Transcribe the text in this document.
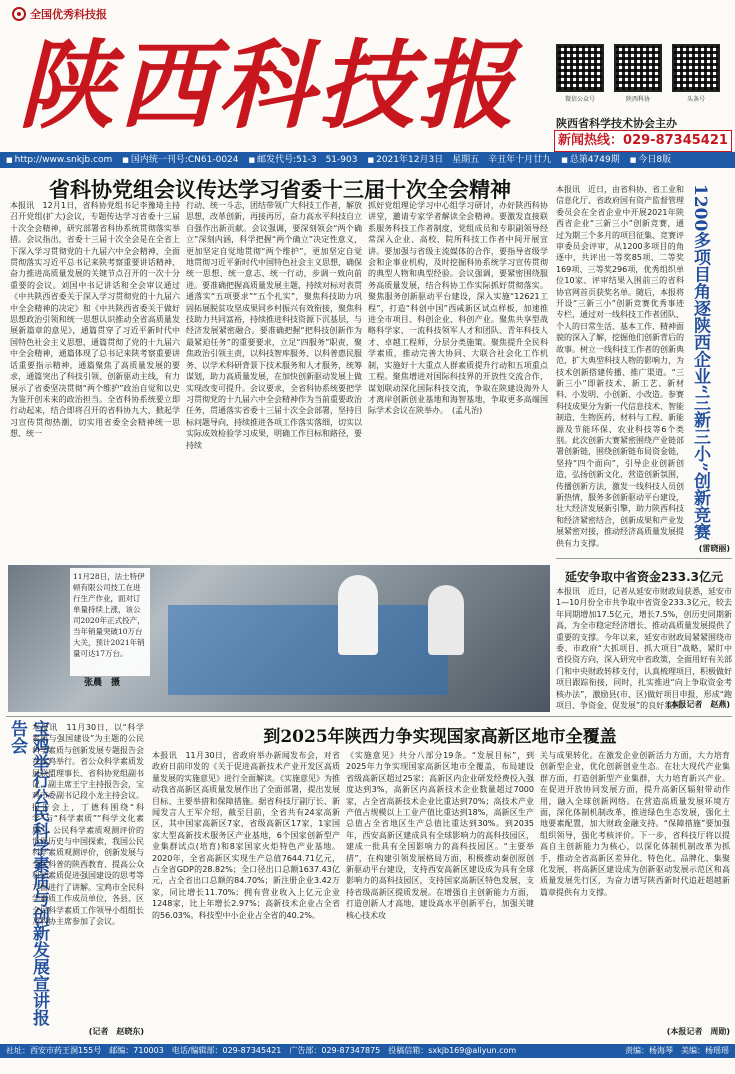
全国优秀科技报
陕西科技报	微信公众号	陕西科协	头条号
陕西省科学技术协会主办
新闻热线：029-87345421
■ http://www.snkjb.com	■ 国内统一刊号:CN61-0024	■ 邮发代号:51-3　51-903	■ 2021年12月3日　星期五　辛丑年十月廿九	■ 总第4749期	■ 今日8版
省科协党组会议传达学习省委十三届十次全会精神
本报讯　12月1日，省科协党组书记李豫琦主持召开党组(扩大)会议，专题传达学习省委十三届十次全会精神，研究部署省科协系统贯彻落实举措。会议指出，省委十三届十次全会是在全省上下深入学习贯彻党的十九届六中全会精神、全面贯彻落实习近平总书记来陕考察重要讲话精神、奋力推进高质量发展的关键节点召开的一次十分重要的会议。刘国中书记讲话和全会审议通过《中共陕西省委关于深入学习贯彻党的十九届六中全会精神的决定》和《中共陕西省委关于做好思想政治引领和统一思想认识推动全省高质量发展新篇章的意见》，通篇贯穿了习近平新时代中国特色社会主义思想，通篇贯彻了党的十九届六中全会精神，通篇体现了总书记来陕考察重要讲话重要指示精神，通篇聚焦了高质量发展的要求，通篇突出了科技引领、创新驱动主线，有力展示了省委坚决贯彻“两个维护”政治自觉和以史为鉴开创未来的政治担当。全省科协系统要立即行动起来，结合即将召开的省科协九大，掀起学习宣传贯彻热潮，切实用省委全会精神统一思想、统一
行动、统一斗志，团结带领广大科技工作者，解放思想，改革创新，再接再厉，奋力高水平科技自立自强作出新贡献。会议强调，要深刻领会“两个确立”深刻内涵，科学把握“两个确立”决定性意义，更加坚定自觉地贯彻“两个维护”，更加坚定自觉地贯彻习近平新时代中国特色社会主义思想，确保统一思想、统一意志、统一行动，步调一致向前进。要准确把握高质量发展主题，持续对标对表贯通落实“五项要求”“五个扎实”，聚焦科技助力巩固拓展脱贫攻坚成果同乡村振兴有效衔接，聚焦科技助力共同富裕，持续推进科技资源下沉基层，与经济发展紧密融合。要准确把握“把科技创新作为最紧迫任务”的重要要求，立足“四服务”职责，聚焦政治引领主责，以科技智库服务、以科普惠民服务、以学术科研背景下技术服务和人才服务，统筹谋划，助力高质量发展，在加快创新驱动发展上做实现改变可提升。会议要求，全省科协系统要把学习贯彻党的十九届六中全会精神作为当前重要政治任务，贯通落实省委十三届十次全会部署，坚持目标问题导向，持续推进各项工作落实落细，切实以实际成效检验学习成果，明确工作目标和路径，要持续
抓好党组理论学习中心组学习研讨，办好陕西科协讲堂，邀请专家学者解读全会精神。要激发直接联系服务科技工作者制度，党组成员和专职副领导经常深入企业、高校、院所科技工作者中间开展宣讲。要加强与省级主流媒体的合作，要指导省级学会和企事业机构，及时挖掘科协系统学习宣传贯彻的典型人物和典型经验。会议强调，要紧密围绕服务高质量发展，结合科协工作实际抓好贯彻落实。聚焦服务创新驱动平台建设，深入实施“12621工程”，打造“科创中国”西咸新区试点样板，加速推进全市项目、科创企业、科创产业。聚焦共享型战略科学家、一流科技领军人才和团队、青年科技人才、卓越工程师，分层分类施策。聚焦提升全民科学素质，推动完善大协同、大联合社会化工作机制，实施好十大重点人群素质提升行动和五项重点工程。聚焦增进对国际科技界的开放性交流合作，谋划联动深化国际科技交流，争取在陕建设海外人才离岸创新创业基地和海智基地，争取更多高端国际学术会议在陕举办。　(孟凡治)
11月28日，法士特伊顿有限公司技工在进行生产作业，面对订单量持续上涨，该公司2020年正式投产，当年销量突破10万台大关，预计2021年销量可达17万台。
张晨　摄
本报讯　近日，由省科协、省工业和信息化厅、省政府国有资产监督管理委员会在全省企业中开展2021年陕西省企业“三新三小”创新竞赛，通过为期三个多月的项目征集、竞赛评审委员会评审，从1200多项目的角逐中，共评出一等奖85项、二等奖169项、三等奖296项，优秀组织单位10家、评审结果入围前三的省科协官网首页获奖名单。随后，本报将开设“三新三小”创新竞赛优秀事迹专栏，通过对一线科技工作者团队、个人的日常生活、基本工作、精神面貌的深入了解，挖掘他们创新背后的故事。树立一线科技工作者的创新典范，扩大典型科技人物的影响力，为技术创新搭建传播、推广渠道。“三新三小”即新技术、新工艺、新材料、小发明、小创新、小改造。参赛科技成果分为新一代信息技术、智能制造、生物医药、材料与工程、新能源及节能环保、农业科技等6个类别。此次创新大赛紧密围绕产业链部署创新链，围绕创新链布局资金链，坚持“四个面向”，引导企业创新创造，弘扬创新文化，营造创新氛围，传播创新方法，激发一线科技人员创新热情，服务多创新驱动平台建设，壮大经济发展新引擎，助力陕西科技和经济紧密结合，创新成果和产业发展紧密对接，推动经济高质量发展提供有力支撑。
1200多项目角逐陕西企业“三新三小”创新竞赛
(雷晓丽)
延安争取中省资金233.3亿元
本报讯　近日，记者从延安市财政局获悉，延安市1—10月份全市共争取中省资金233.3亿元，较去年同期增加17.5亿元，增长7.5%，创历史同期新高，为全市稳定经济增长、推动高质量发展提供了重要的支撑。今年以来，延安市财政局紧紧围绕市委、市政府“大抓项目、抓大项目”战略，紧盯中省投资方向，深入研究中省政策，全面用好有关部门和中央财政转移支付，认真梳理项目，积极做好项目跟踪衔接，同时，扎实推进“向上争取资金考核办法”，激励县(市、区)做好项目申报，形成“跑项目、争资金、促发展”的良好氛围。
(本报记者　赵燕)
宝鸡举行公民科学素质与创新发展宣讲报告会 本报讯　11月30日，以“科学素质与强国建设”为主题的公民科学素质与创新发展专题报告会在宝鸡举行。省公众科学素质发展联盟理事长、省科协党组副书记、副主席王宁主持报告会，宝鸡市委副书记段小龙主持会议。报告会上，丁德科围绕“科学”与“科学素质”“科学文化素质”，公民科学素质观测评价的世界历史与中国探索，我国公民科学素质观测评价，创新发展与全民科普的陕西教育、提高公众科学素质促进强国建设的思考等方面进行了讲解。宝鸡市全民科学素质工作成员单位，各县、区全民科学素质工作领导小组组长及科协主席参加了会议。
(记者　赵晓东)
到2025年陕西力争实现国家高新区地市全覆盖
本报讯　11月30日，省政府举办新闻发布会，对省政府日前印发的《关于促进高新技术产业开发区高质量发展的实施意见》进行全面解读。《实施意见》为推动我省高新区高质量发展作出了全面部署，提出发展目标、主要举措和保障措施。据省科技厅副厅长、新闻发言人王军介绍，截至目前，全省共有24家高新区，其中国家高新区7家，省级高新区17家，1家国家大型高新技术服务区产业基地，6个国家创新型产业集群试点(培育)和8家国家火炬特色产业基地。2020年，全省高新区实现生产总值7644.71亿元，占全省GDP的28.82%；全口径出口总额1637.43亿元，占全省出口总额的84.70%；新注册企业3.42万家，同比增长11.70%；拥有营业收入上亿元企业1248家，比上年增长2.97%；高新技术企业占全省的56.03%。科技型中小企业占全省的40.2%。
《实施意见》共分八部分19条。“发展目标”，到2025年力争实现国家高新区地市全覆盖，布局建设省级高新区超过25家；高新区内企业研发经费投入强度达到3%，高新区内高新技术企业数量超过7000家，占全省高新技术企业比重达到70%；高技术产业产值占规模以上工业产值比重达到18%，高新区生产总值占全省地区生产总值比重达到30%。到2035年，西安高新区建成具有全球影响力的高科技园区，建成一批具有全国影响力的高科技园区。“主要举措”，在构建引领发展格局方面，积极推动秦创原创新驱动平台建设，支持西安高新区建设成为具有全球影响力的高科技园区，支持国家高新区特色发展，支持省级高新区提质发展。在增强自主创新能力方面，打造创新人才高地，建设高水平创新平台，加强关键核心技术攻
关与成果转化。在激发企业创新活力方面，大力培育创新型企业，优化创新创业生态。在壮大现代产业集群方面，打造创新型产业集群，大力培育新兴产业。在促进开放协同发展方面，提升高新区辐射带动作用，融入全球创新网络。在营造高质量发展环境方面，深化体制机制改革，推进绿色生态发展，强化土地要素配置，加大财政金融支持。“保障措施”要加强组织领导，强化考核评价。下一步，省科技厅将以提高自主创新能力为核心，以深化体制机制改革为抓手，推动全省高新区差异化、特色化、品牌化、集聚化发展，将高新区建设成为创新驱动发展示范区和高质量发展先行区，为奋力谱写陕西新时代追赶超越新篇章提供有力支撑。
(本报记者　周勋)
社址：西安市药王洞155号　邮编：710003　电话/编辑部：029-87345421　广告部：029-87347875　投稿信箱：sxkjb169@aliyun.com	责编：杨海琴　美编：杨瑶瑶
